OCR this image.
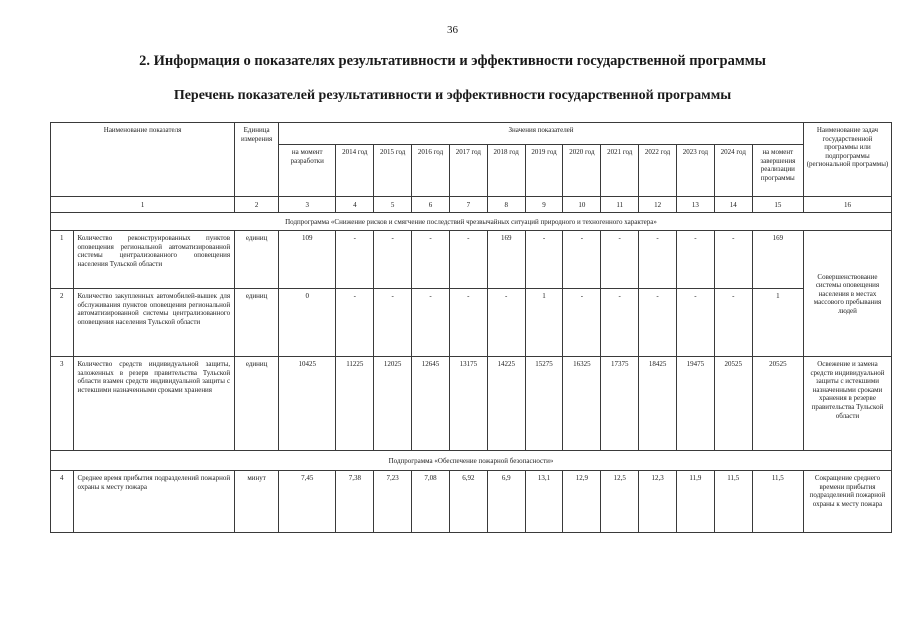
36
2. Информация о показателях результативности и эффективности государственной программы
Перечень показателей результативности и эффективности государственной программы
Наименование показателя		Единица измерения	Значения показателей													Наименование задач государственной программы или подпрограммы (региональной программы)
			на момент разработки	2014 год	2015 год	2016 год	2017 год	2018 год	2019 год	2020 год	2021 год	2022 год	2023 год	2024 год	на момент завершения реализации программы	
1		2	3	4	5	6	7	8	9	10	11	12	13	14	15	16
Подпрограмма «Снижение рисков и смягчение последствий чрезвычайных ситуаций природного и техногенного характера»																
1	Количество реконструированных пунктов оповещения региональной автоматизированной системы централизованного оповещения населения Тульской области	единиц	109	-	-	-	-	169	-	-	-	-	-	-	169	Совершенствование системы оповещения населения в местах массового пребывания людей
2	Количество закупленных автомобилей-вышек для обслуживания пунктов оповещения региональной автоматизированной системы централизованного оповещения населения Тульской области	единиц	0	-	-	-	-	-	1	-	-	-	-	-	1	
3	Количество средств индивидуальной защиты, заложенных в резерв правительства Тульской области взамен средств индивидуальной защиты с истекшими назначенными сроками хранения	единиц	10425	11225	12025	12645	13175	14225	15275	16325	17375	18425	19475	20525	20525	Освежение и замена средств индивидуальной защиты с истекшими назначенными сроками хранения в резерве правительства Тульской области
Подпрограмма «Обеспечение пожарной безопасности»																
4	Среднее время прибытия подразделений пожарной охраны к месту пожара	минут	7,45	7,38	7,23	7,08	6,92	6,9	13,1	12,9	12,5	12,3	11,9	11,5	11,5	Сокращение среднего времени прибытия подразделений пожарной охраны к месту пожара
